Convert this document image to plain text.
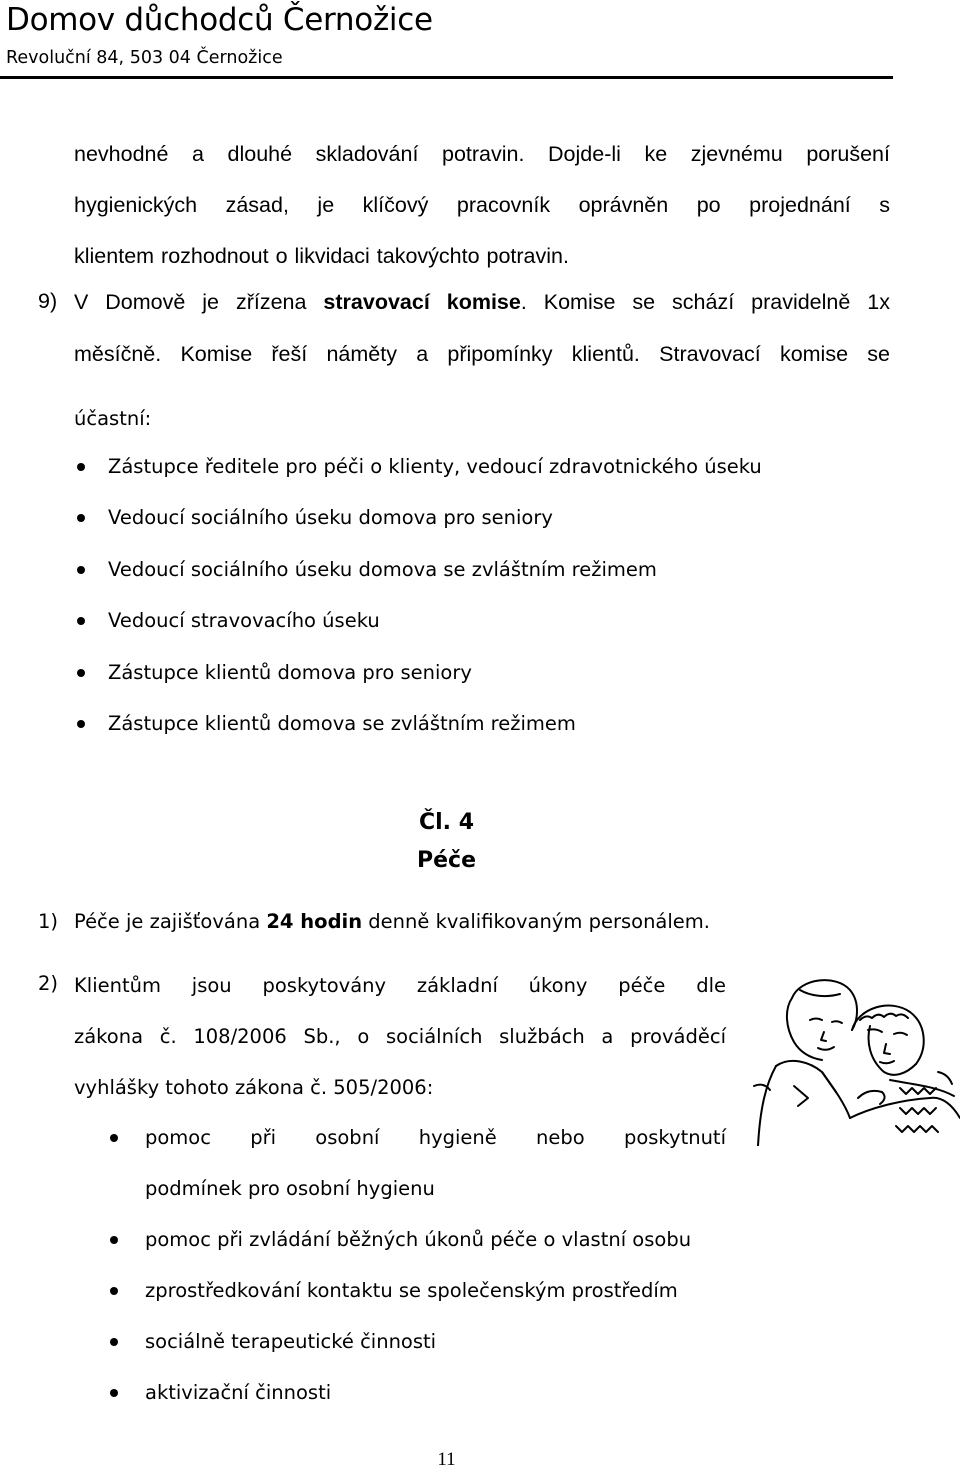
Domov důchodců Černožice
Revoluční 84, 503 04 Černožice
nevhodné a dlouhé skladování potravin. Dojde-li ke zjevnému porušení
hygienických zásad, je klíčový pracovník oprávněn po projednání s
klientem rozhodnout o likvidaci takovýchto potravin.
9) V Domově je zřízena stravovací komise. Komise se schází pravidelně 1x
měsíčně. Komise řeší náměty a připomínky klientů. Stravovací komise se
účastní:
Zástupce ředitele pro péči o klienty, vedoucí zdravotnického úseku
Vedoucí sociálního úseku domova pro seniory
Vedoucí sociálního úseku domova se zvláštním režimem
Vedoucí stravovacího úseku
Zástupce klientů domova pro seniory
Zástupce klientů domova se zvláštním režimem
Čl. 4
Péče
1) Péče je zajišťována 24 hodin denně kvalifikovaným personálem.
2) Klientům jsou poskytovány základní úkony péče dle
zákona č. 108/2006 Sb., o sociálních službách a prováděcí
vyhlášky tohoto zákona č. 505/2006:
pomoc při osobní hygieně nebo poskytnutí
podmínek pro osobní hygienu
pomoc při zvládání běžných úkonů péče o vlastní osobu
zprostředkování kontaktu se společenským prostředím
sociálně terapeutické činnosti
aktivizační činnosti
11
